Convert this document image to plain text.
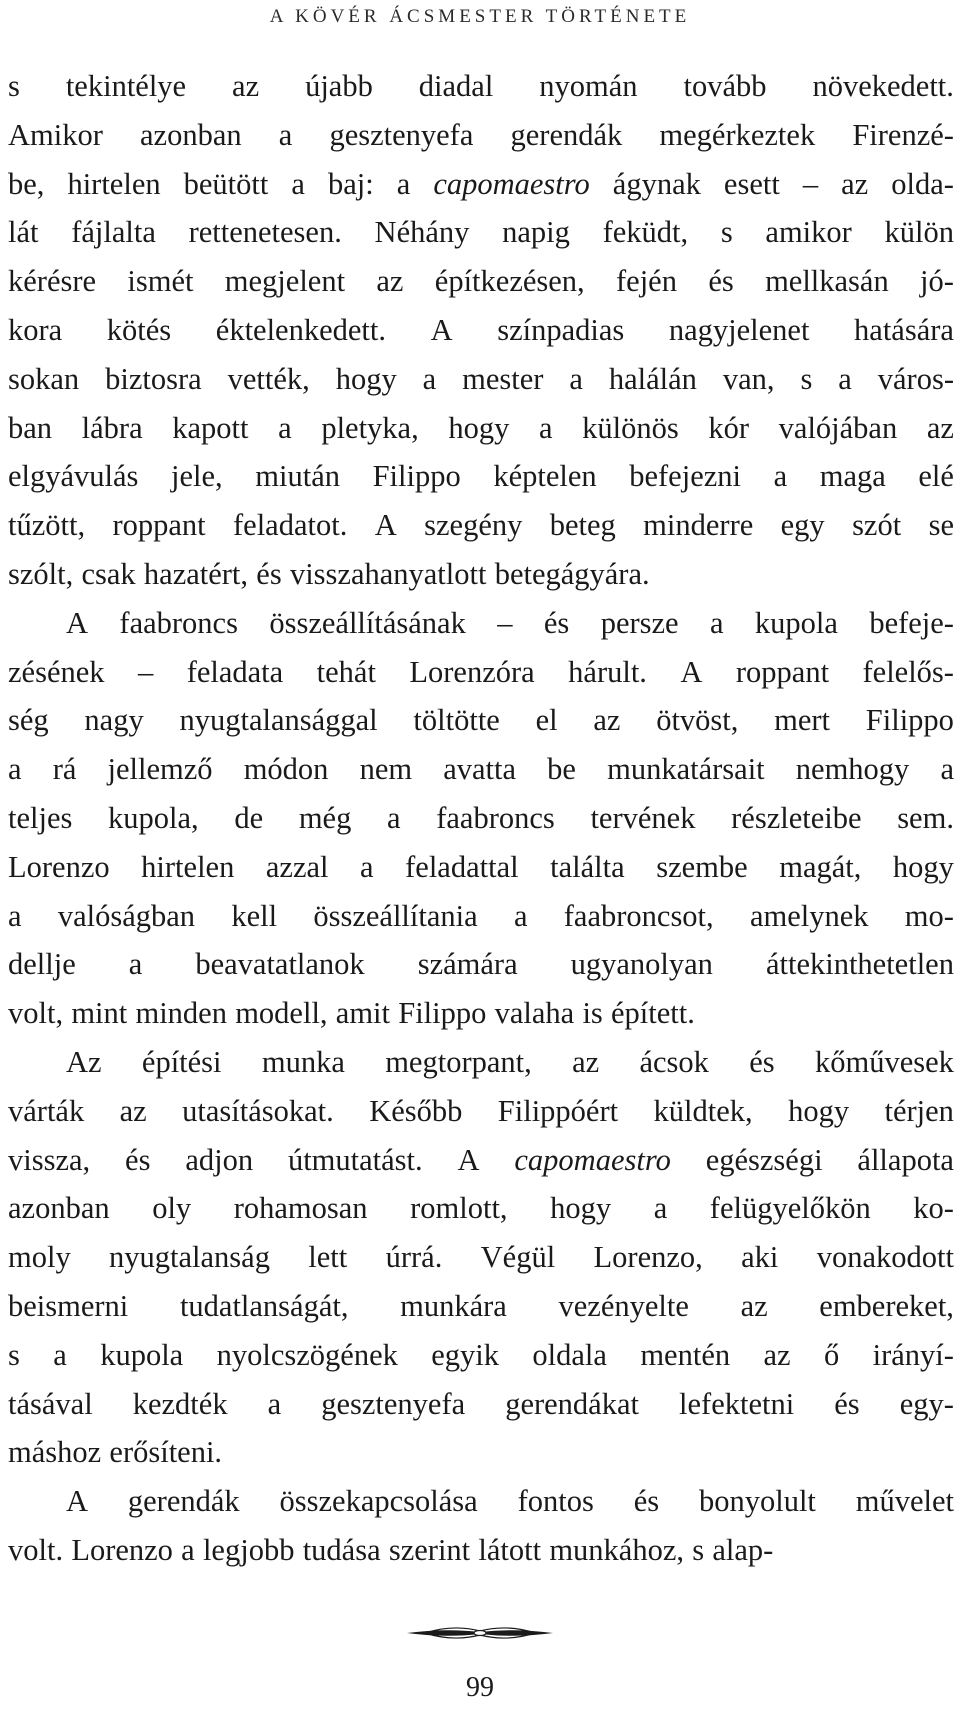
A KÖVÉR ÁCSMESTER TÖRTÉNETE
s tekintélye az újabb diadal nyomán tovább növekedett.
Amikor azonban a gesztenyefa gerendák megérkeztek Firenzé-
be, hirtelen beütött a baj: a capomaestro ágynak esett – az olda-
lát fájlalta rettenetesen. Néhány napig feküdt, s amikor külön
kérésre ismét megjelent az építkezésen, fején és mellkasán jó-
kora kötés éktelenkedett. A színpadias nagyjelenet hatására
sokan biztosra vették, hogy a mester a halálán van, s a város-
ban lábra kapott a pletyka, hogy a különös kór valójában az
elgyávulás jele, miután Filippo képtelen befejezni a maga elé
tűzött, roppant feladatot. A szegény beteg minderre egy szót se
szólt, csak hazatért, és visszahanyatlott betegágyára.
A faabroncs összeállításának – és persze a kupola befeje-
zésének – feladata tehát Lorenzóra hárult. A roppant felelős-
ség nagy nyugtalansággal töltötte el az ötvöst, mert Filippo
a rá jellemző módon nem avatta be munkatársait nemhogy a
teljes kupola, de még a faabroncs tervének részleteibe sem.
Lorenzo hirtelen azzal a feladattal találta szembe magát, hogy
a valóságban kell összeállítania a faabroncsot, amelynek mo-
dellje a beavatatlanok számára ugyanolyan áttekinthetetlen
volt, mint minden modell, amit Filippo valaha is épített.
Az építési munka megtorpant, az ácsok és kőművesek
várták az utasításokat. Később Filippóért küldtek, hogy térjen
vissza, és adjon útmutatást. A capomaestro egészségi állapota
azonban oly rohamosan romlott, hogy a felügyelőkön ko-
moly nyugtalanság lett úrrá. Végül Lorenzo, aki vonakodott
beismerni tudatlanságát, munkára vezényelte az embereket,
s a kupola nyolcszögének egyik oldala mentén az ő irányí-
tásával kezdték a gesztenyefa gerendákat lefektetni és egy-
máshoz erősíteni.
A gerendák összekapcsolása fontos és bonyolult művelet
volt. Lorenzo a legjobb tudása szerint látott munkához, s alap-
99
